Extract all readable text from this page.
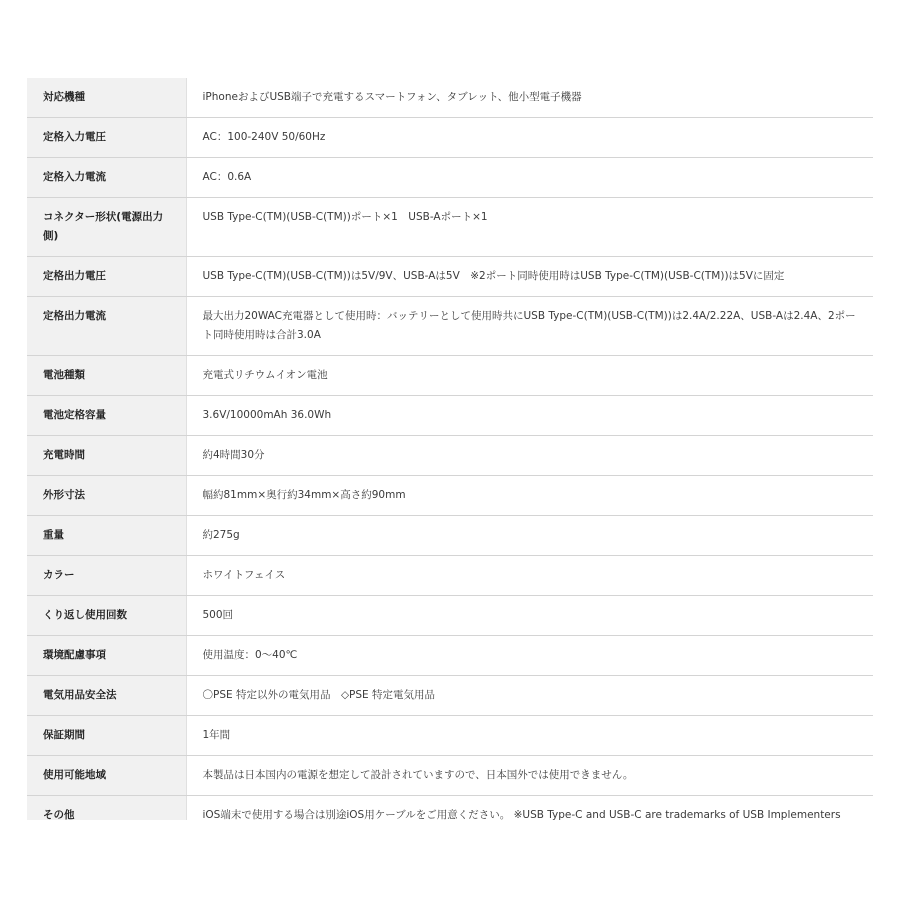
対応機種	iPhoneおよびUSB端子で充電するスマートフォン、タブレット、他小型電子機器
定格入力電圧	AC：100-240V 50/60Hz
定格入力電流	AC：0.6A
コネクター形状(電源出力側)	USB Type-C(TM)(USB-C(TM))ポート×1　USB-Aポート×1
定格出力電圧	USB Type-C(TM)(USB-C(TM))は5V/9V、USB-Aは5V　※2ポート同時使用時はUSB Type-C(TM)(USB-C(TM))は5Vに固定
定格出力電流	最大出力20WAC充電器として使用時：バッテリーとして使用時共にUSB Type-C(TM)(USB-C(TM))は2.4A/2.22A、USB-Aは2.4A、2ポート同時使用時は合計3.0A
電池種類	充電式リチウムイオン電池
電池定格容量	3.6V/10000mAh 36.0Wh
充電時間	約4時間30分
外形寸法	幅約81mm×奥行約34mm×高さ約90mm
重量	約275g
カラー	ホワイトフェイス
くり返し使用回数	500回
環境配慮事項	使用温度：0〜40℃
電気用品安全法	〇PSE 特定以外の電気用品　◇PSE 特定電気用品
保証期間	1年間
使用可能地域	本製品は日本国内の電源を想定して設計されていますので、日本国外では使用できません。
その他	iOS端末で使用する場合は別途iOS用ケーブルをご用意ください。 ※USB Type-C and USB-C are trademarks of USB Implementers
